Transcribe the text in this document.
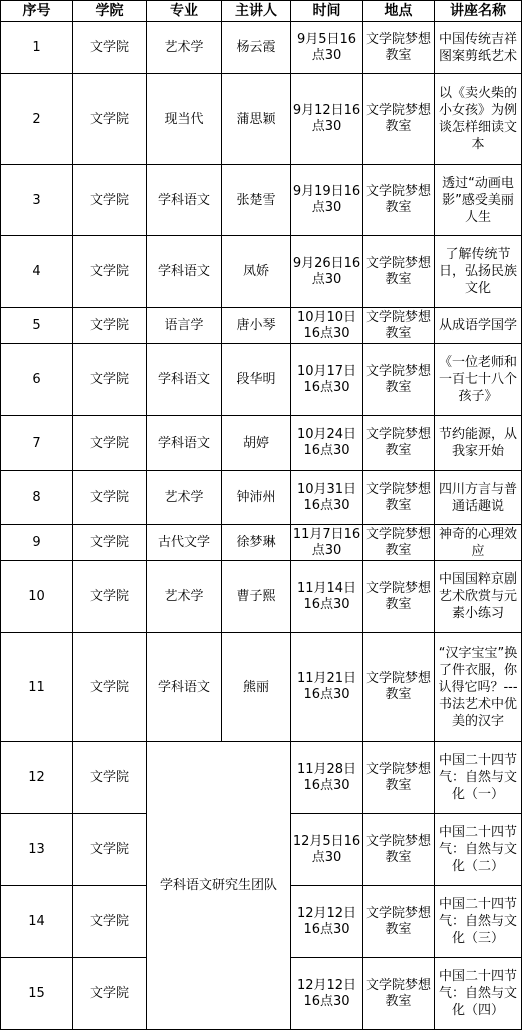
序号	学院	专业	主讲人	时间	地点	讲座名称
1	文学院	艺术学	杨云霞	9月5日16点30	文学院梦想教室	中国传统吉祥图案剪纸艺术
2	文学院	现当代	蒲思颖	9月12日16点30	文学院梦想教室	以《卖火柴的小女孩》为例谈怎样细读文本
3	文学院	学科语文	张楚雪	9月19日16点30	文学院梦想教室	透过“动画电影”感受美丽人生
4	文学院	学科语文	凤娇	9月26日16点30	文学院梦想教室	了解传统节日，弘扬民族文化
5	文学院	语言学	唐小琴	10月10日16点30	文学院梦想教室	从成语学国学
6	文学院	学科语文	段华明	10月17日16点30	文学院梦想教室	《一位老师和一百七十八个孩子》
7	文学院	学科语文	胡婷	10月24日16点30	文学院梦想教室	节约能源，从我家开始
8	文学院	艺术学	钟沛州	10月31日16点30	文学院梦想教室	四川方言与普通话趣说
9	文学院	古代文学	徐梦琳	11月7日16点30	文学院梦想教室	神奇的心理效应
10	文学院	艺术学	曹子熙	11月14日16点30	文学院梦想教室	中国国粹京剧艺术欣赏与元素小练习
11	文学院	学科语文	熊丽	11月21日16点30	文学院梦想教室	“汉字宝宝”换了件衣服，你认得它吗？---书法艺术中优美的汉字
12	文学院	学科语文研究生团队		11月28日16点30	文学院梦想教室	中国二十四节气：自然与文化（一）
13	文学院			12月5日16点30	文学院梦想教室	中国二十四节气：自然与文化（二）
14	文学院			12月12日16点30	文学院梦想教室	中国二十四节气：自然与文化（三）
15	文学院			12月12日16点30	文学院梦想教室	中国二十四节气：自然与文化（四）
